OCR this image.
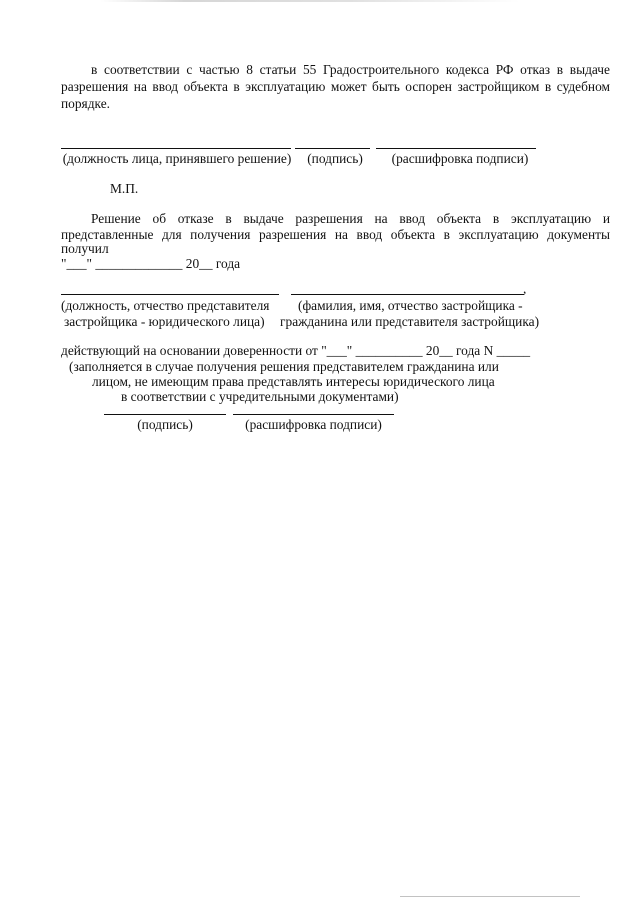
в соответствии с частью 8 статьи 55 Градостроительного кодекса РФ отказ в выдаче
разрешения на ввод объекта в эксплуатацию может быть оспорен застройщиком в судебном
порядке.
(должность лица, принявшего решение)	(подпись)	(расшифровка подписи)
М.П.
Решение об отказе в выдаче разрешения на ввод объекта в эксплуатацию и
представленные для получения разрешения на ввод объекта в эксплуатацию документы
получил
"___" _____________ 20__ года
,
(должность, отчество представителя
застройщика - юридического лица)
(фамилия, имя, отчество застройщика -
гражданина или представителя застройщика)
действующий на основании доверенности от "___" __________ 20__ года N _____
(заполняется в случае получения решения представителем гражданина или
лицом, не имеющим права представлять интересы юридического лица
в соответствии с учредительными документами)
(подпись)	(расшифровка подписи)
